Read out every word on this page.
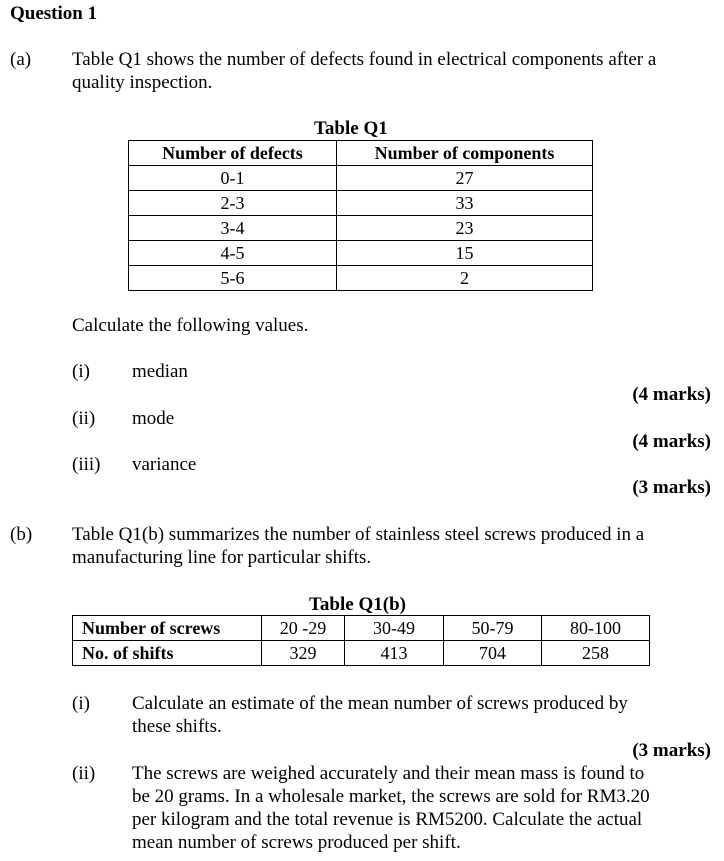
Question 1
(a) Table Q1 shows the number of defects found in electrical components after a
quality inspection.
Table Q1
Number of defects	Number of components
0-1	27
2-3	33
3-4	23
4-5	15
5-6	2
Calculate the following values.
(i) median
(4 marks)
(ii) mode
(4 marks)
(iii) variance
(3 marks)
(b) Table Q1(b) summarizes the number of stainless steel screws produced in a
manufacturing line for particular shifts.
Table Q1(b)
Number of screws	20 -29	30-49	50-79	80-100
No. of shifts	329	413	704	258
(i) Calculate an estimate of the mean number of screws produced by
these shifts.
(3 marks)
(ii) The screws are weighed accurately and their mean mass is found to
be 20 grams. In a wholesale market, the screws are sold for RM3.20
per kilogram and the total revenue is RM5200. Calculate the actual
mean number of screws produced per shift.
